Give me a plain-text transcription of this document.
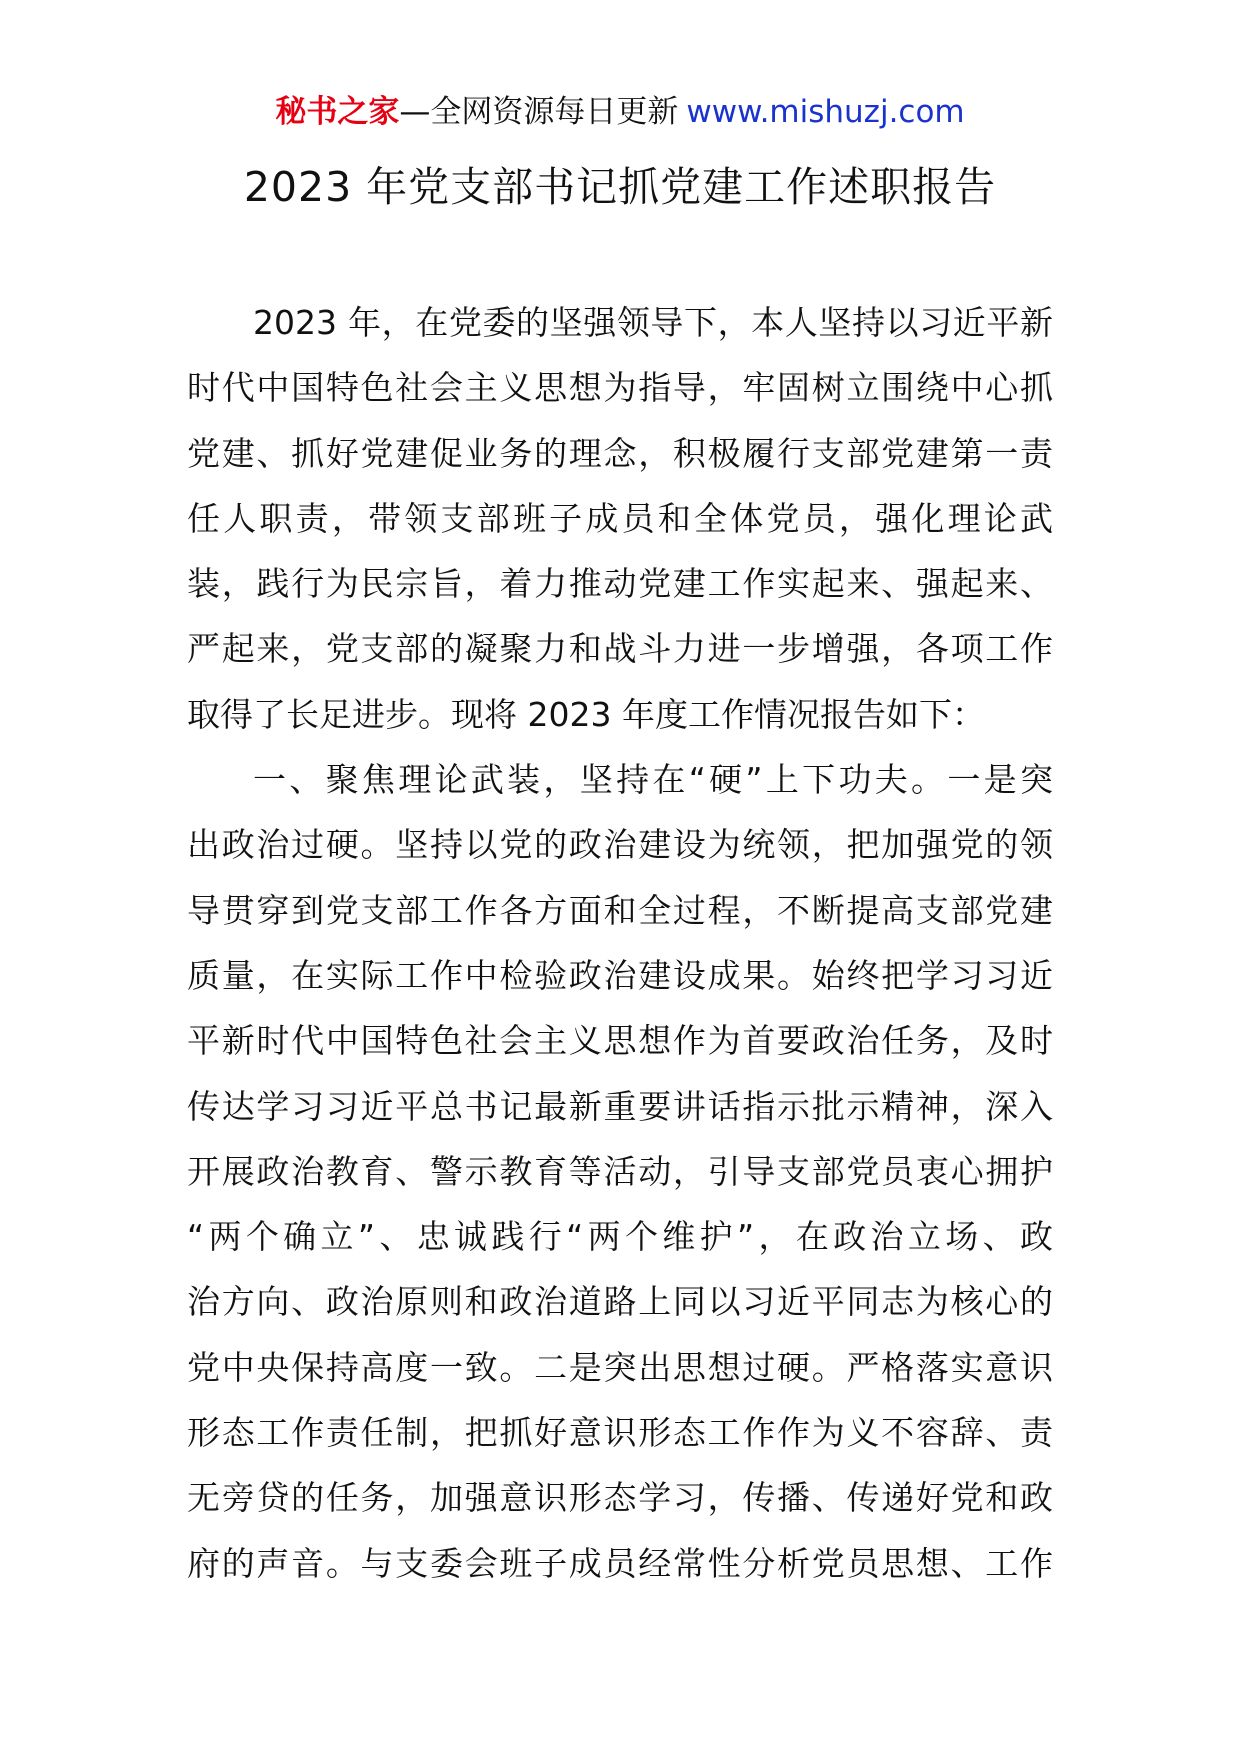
秘书之家—全网资源每日更新 www.mishuzj.com
2023 年党支部书记抓党建工作述职报告
2023 年，在党委的坚强领导下，本人坚持以习近平新
时代中国特色社会主义思想为指导，牢固树立围绕中心抓
党建、抓好党建促业务的理念，积极履行支部党建第一责
任人职责，带领支部班子成员和全体党员，强化理论武
装，践行为民宗旨，着力推动党建工作实起来、强起来、
严起来，党支部的凝聚力和战斗力进一步增强，各项工作
取得了长足进步。现将 2023 年度工作情况报告如下：
一、聚焦理论武装，坚持在“硬”上下功夫。一是突
出政治过硬。坚持以党的政治建设为统领，把加强党的领
导贯穿到党支部工作各方面和全过程，不断提高支部党建
质量，在实际工作中检验政治建设成果。始终把学习习近
平新时代中国特色社会主义思想作为首要政治任务，及时
传达学习习近平总书记最新重要讲话指示批示精神，深入
开展政治教育、警示教育等活动，引导支部党员衷心拥护
“两个确立”、忠诚践行“两个维护”，在政治立场、政
治方向、政治原则和政治道路上同以习近平同志为核心的
党中央保持高度一致。二是突出思想过硬。严格落实意识
形态工作责任制，把抓好意识形态工作作为义不容辞、责
无旁贷的任务，加强意识形态学习，传播、传递好党和政
府的声音。与支委会班子成员经常性分析党员思想、工作
